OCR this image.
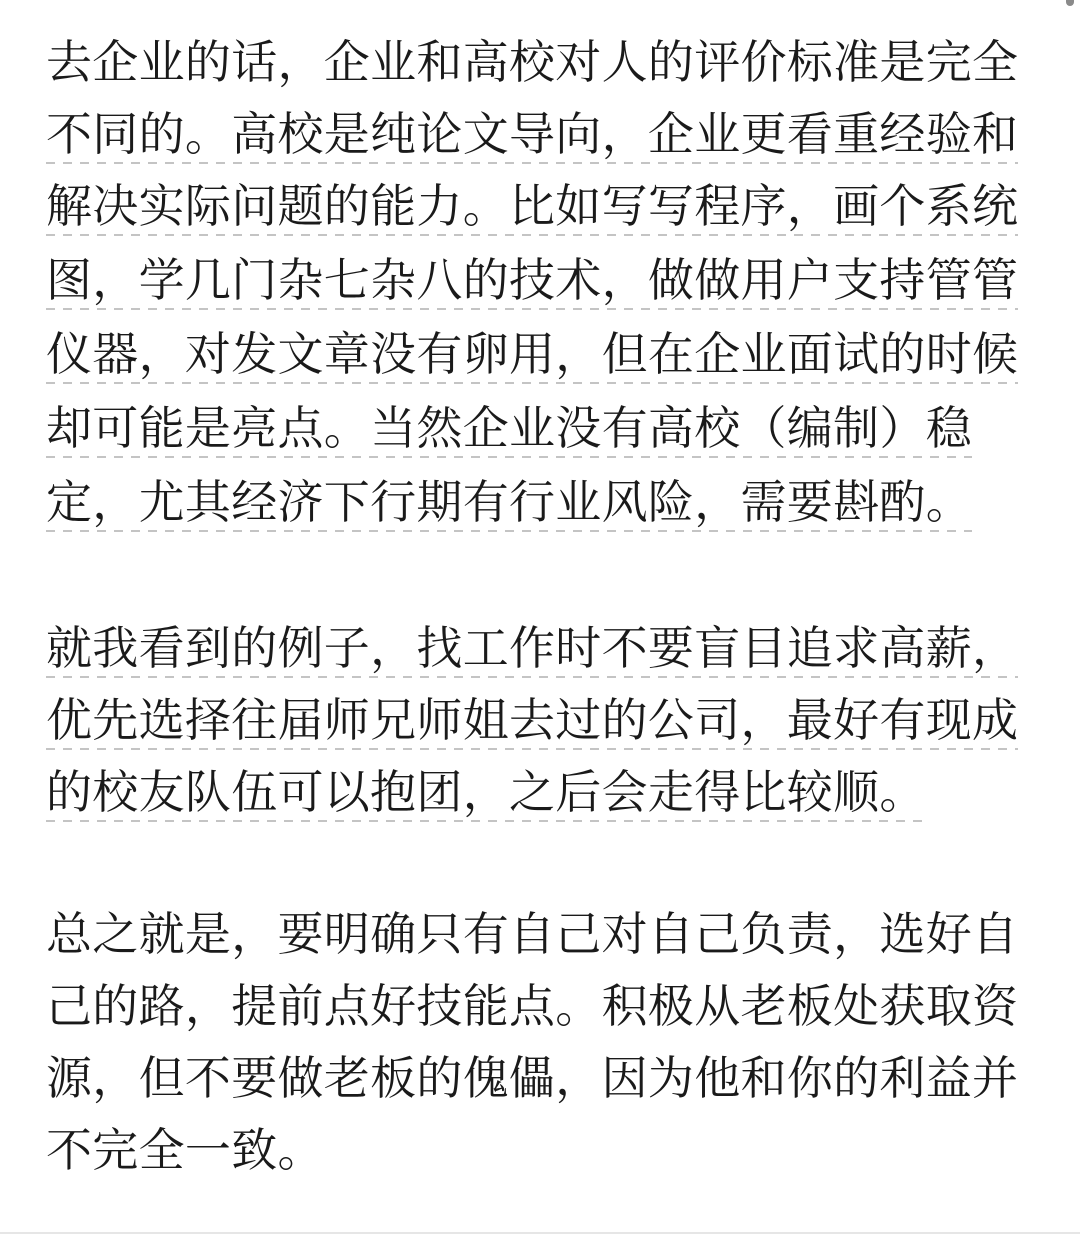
去企业的话，企业和高校对人的评价标准是完全
不同的。高校是纯论文导向，企业更看重经验和
解决实际问题的能力。比如写写程序，画个系统
图，学几门杂七杂八的技术，做做用户支持管管
仪器，对发文章没有卵用，但在企业面试的时候
却可能是亮点。当然企业没有高校（编制）稳
定，尤其经济下行期有行业风险，需要斟酌。
就我看到的例子，找工作时不要盲目追求高薪，
优先选择往届师兄师姐去过的公司，最好有现成
的校友队伍可以抱团，之后会走得比较顺。
总之就是，要明确只有自己对自己负责，选好自
己的路，提前点好技能点。积极从老板处获取资
源，但不要做老板的傀儡，因为他和你的利益并
不完全一致。
